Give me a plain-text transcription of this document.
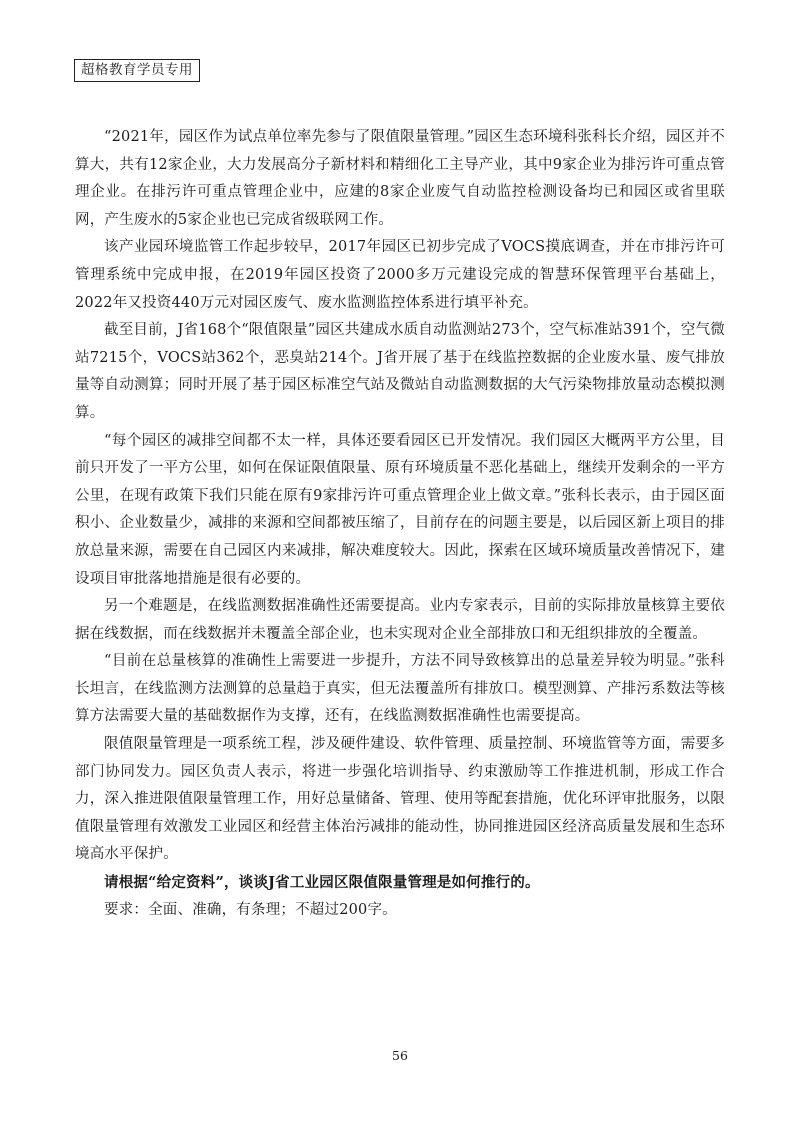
超格教育学员专用

“2021年，园区作为试点单位率先参与了限值限量管理。”园区生态环境科张科长介绍，园区并不算大，共有12家企业，大力发展高分子新材料和精细化工主导产业，其中9家企业为排污许可重点管理企业。在排污许可重点管理企业中，应建的8家企业废气自动监控检测设备均已和园区或省里联网，产生废水的5家企业也已完成省级联网工作。

该产业园环境监管工作起步较早，2017年园区已初步完成了VOCS摸底调查，并在市排污许可管理系统中完成申报，在2019年园区投资了2000多万元建设完成的智慧环保管理平台基础上，2022年又投资440万元对园区废气、废水监测监控体系进行填平补充。

截至目前，J省168个“限值限量”园区共建成水质自动监测站273个，空气标准站391个，空气微站7215个，VOCS站362个，恶臭站214个。J省开展了基于在线监控数据的企业废水量、废气排放量等自动测算；同时开展了基于园区标准空气站及微站自动监测数据的大气污染物排放量动态模拟测算。

“每个园区的减排空间都不太一样，具体还要看园区已开发情况。我们园区大概两平方公里，目前只开发了一平方公里，如何在保证限值限量、原有环境质量不恶化基础上，继续开发剩余的一平方公里，在现有政策下我们只能在原有9家排污许可重点管理企业上做文章。”张科长表示，由于园区面积小、企业数量少，减排的来源和空间都被压缩了，目前存在的问题主要是，以后园区新上项目的排放总量来源，需要在自己园区内来减排，解决难度较大。因此，探索在区域环境质量改善情况下，建设项目审批落地措施是很有必要的。

另一个难题是，在线监测数据准确性还需要提高。业内专家表示，目前的实际排放量核算主要依据在线数据，而在线数据并未覆盖全部企业，也未实现对企业全部排放口和无组织排放的全覆盖。

“目前在总量核算的准确性上需要进一步提升，方法不同导致核算出的总量差异较为明显。”张科长坦言，在线监测方法测算的总量趋于真实，但无法覆盖所有排放口。模型测算、产排污系数法等核算方法需要大量的基础数据作为支撑，还有，在线监测数据准确性也需要提高。

限值限量管理是一项系统工程，涉及硬件建设、软件管理、质量控制、环境监管等方面，需要多部门协同发力。园区负责人表示，将进一步强化培训指导、约束激励等工作推进机制，形成工作合力，深入推进限值限量管理工作，用好总量储备、管理、使用等配套措施，优化环评审批服务，以限值限量管理有效激发工业园区和经营主体治污减排的能动性，协同推进园区经济高质量发展和生态环境高水平保护。

请根据“给定资料”，谈谈J省工业园区限值限量管理是如何推行的。

要求：全面、准确，有条理；不超过200字。

56
